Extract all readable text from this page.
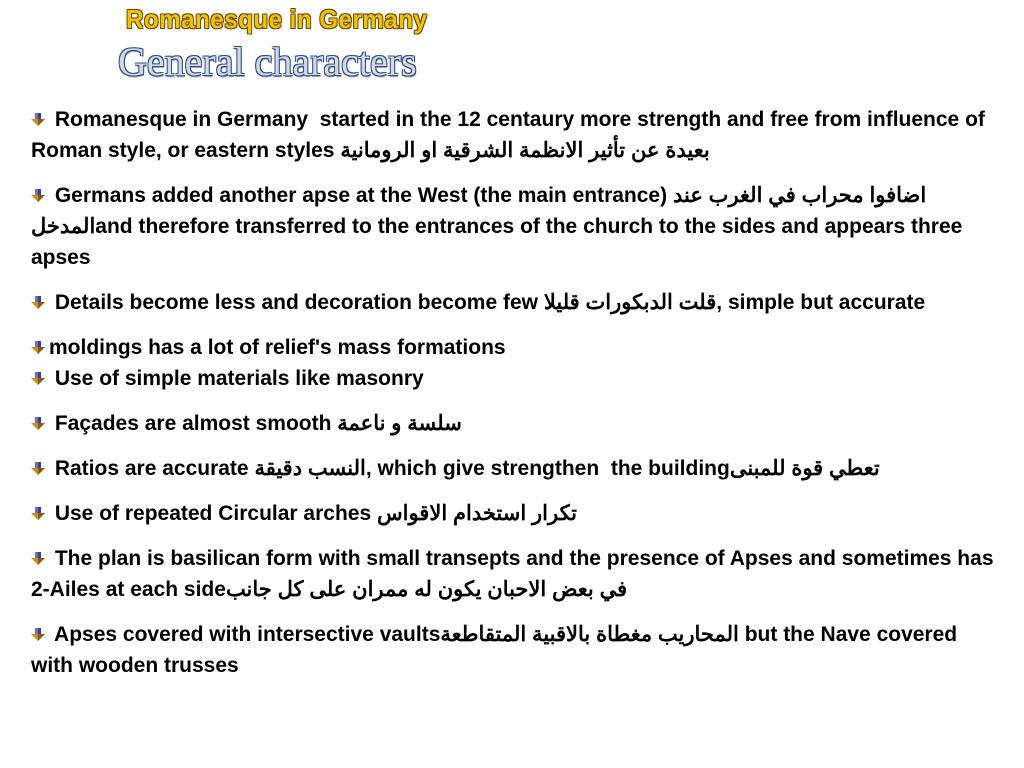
Romanesque in Germany
General characters
Romanesque in Germany  started in the 12 centaury more strength and free from influence of Roman style, or eastern styles بعيدة عن تأثير الانظمة الشرقية او الرومانية
Germans added another apse at the West (the main entrance) اضافوا محراب في الغرب عند المدخلand therefore transferred to the entrances of the church to the sides and appears three apses
Details become less and decoration become few قلت الدبكورات قليلا, simple but accurate
moldings has a lot of relief's mass formations
Use of simple materials like masonry
Façades are almost smooth سلسة و ناعمة
Ratios are accurate النسب دقيقة, which give strengthen  the buildingتعطي قوة للمبنى
Use of repeated Circular arches تكرار استخدام الاقواس
The plan is basilican form with small transepts and the presence of Apses and sometimes has 2-Ailes at each sideفي بعض الاحبان يكون له ممران على كل جانب
Apses covered with intersective vaultsالمحاريب مغطاة بالاقبية المتقاطعة but the Nave covered with wooden trusses
